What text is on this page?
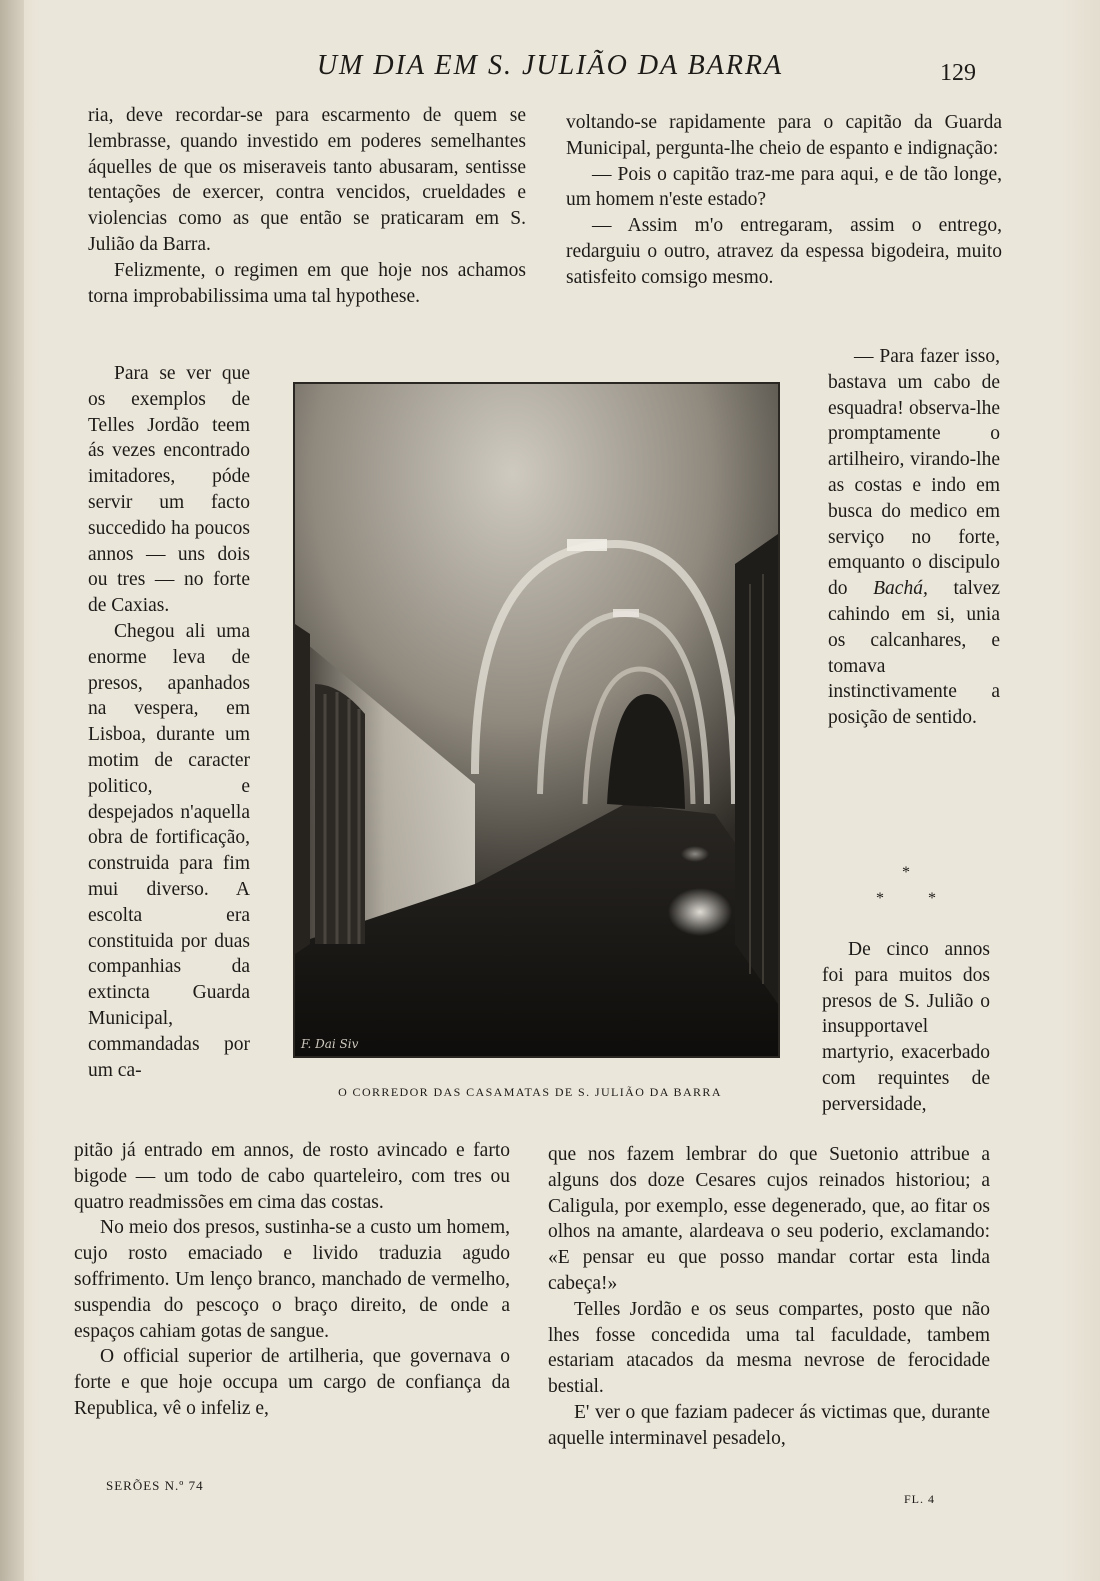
UM DIA EM S. JULIÃO DA BARRA	129

ria, deve recordar-se para escarmento de quem se lembrasse, quando investido em poderes semelhantes áquelles de que os miseraveis tanto abusaram, sentisse tentações de exercer, contra vencidos, crueldades e violencias como as que então se praticaram em S. Julião da Barra.

Felizmente, o regimen em que hoje nos achamos torna improbabilissima uma tal hypothese.

Para se ver que os exemplos de Telles Jordão teem ás vezes encontrado imitadores, póde servir um facto succedido ha poucos annos — uns dois ou tres — no forte de Caxias.

Chegou ali uma enorme leva de presos, apanhados na vespera, em Lisboa, durante um motim de caracter politico, e despejados n'aquella obra de fortificação, construida para fim mui diverso. A escolta era constituida por duas companhias da extincta Guarda Municipal, commandadas por um ca-

pitão já entrado em annos, de rosto avincado e farto bigode — um todo de cabo quarteleiro, com tres ou quatro readmissões em cima das costas.

No meio dos presos, sustinha-se a custo um homem, cujo rosto emaciado e livido traduzia agudo soffrimento. Um lenço branco, manchado de vermelho, suspendia do pescoço o braço direito, de onde a espaços cahiam gotas de sangue.

O official superior de artilheria, que governava o forte e que hoje occupa um cargo de confiança da Republica, vê o infeliz e,

voltando-se rapidamente para o capitão da Guarda Municipal, pergunta-lhe cheio de espanto e indignação:

— Pois o capitão traz-me para aqui, e de tão longe, um homem n'este estado?

— Assim m'o entregaram, assim o entrego, redarguiu o outro, atravez da espessa bigodeira, muito satisfeito comsigo mesmo.

— Para fazer isso, bastava um cabo de esquadra! observa-lhe promptamente o artilheiro, virando-lhe as costas e indo em busca do medico em serviço no forte, emquanto o discipulo do Bachá, talvez cahindo em si, unia os calcanhares, e tomava instinctivamente a posição de sentido.

*
*	*

De cinco annos foi para muitos dos presos de S. Julião o insupportavel martyrio, exacerbado com requintes de perversidade,

que nos fazem lembrar do que Suetonio attribue a alguns dos doze Cesares cujos reinados historiou; a Caligula, por exemplo, esse degenerado, que, ao fitar os olhos na amante, alardeava o seu poderio, exclamando: «E pensar eu que posso mandar cortar esta linda cabeça!»

Telles Jordão e os seus compartes, posto que não lhes fosse concedida uma tal faculdade, tambem estariam atacados da mesma nevrose de ferocidade bestial.

E' ver o que faziam padecer ás victimas que, durante aquelle interminavel pesadelo,

F. Dai Siv
O CORREDOR DAS CASAMATAS DE S. JULIÃO DA BARRA
SERÕES N.º 74
FL. 4
